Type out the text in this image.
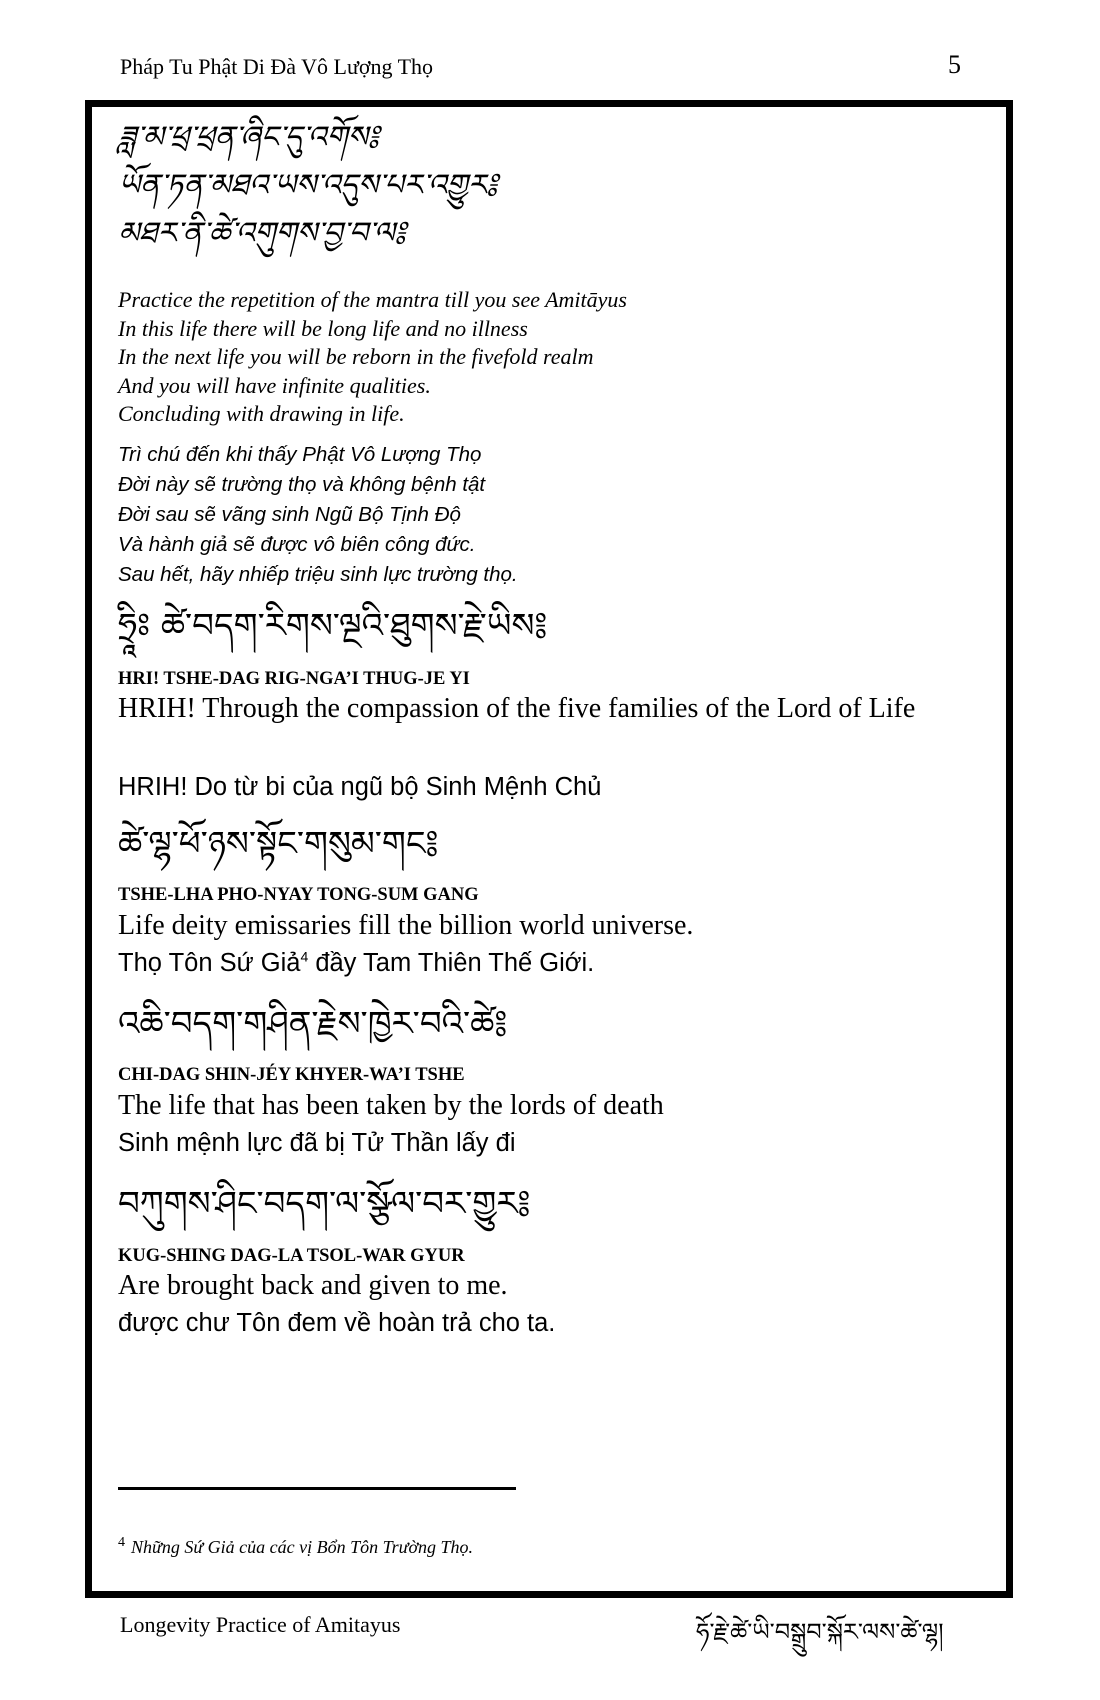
Pháp Tu Phật Di Đà Vô Lượng Thọ	5
ཟླ་མ་ཕྲ་ཕྲན་ཞིང་དུ་འགོས༔
ཡོན་ཏན་མཐའ་ཡས་འདུས་པར་འགྱུར༔
མཐར་ནི་ཚེ་འགུགས་བྱ་བ་ལ༔
Practice the repetition of the mantra till you see Amitāyus
In this life there will be long life and no illness
In the next life you will be reborn in the fivefold realm
And you will have infinite qualities.
Concluding with drawing in life.
Trì chú đến khi thấy Phật Vô Lượng Thọ
Đời này sẽ trường thọ và không bệnh tật
Đời sau sẽ vãng sinh Ngũ Bộ Tịnh Độ
Và hành giả sẽ được vô biên công đức.
Sau hết, hãy nhiếp triệu sinh lực trường thọ.
ཧྲཱིཿ ཚེ་བདག་རིགས་ལྔའི་ཐུགས་རྗེ་ཡིས༔
HRI! TSHE-DAG RIG-NGA’I THUG-JE YI
HRIH! Through the compassion of the five families of the Lord of Life
HRIH! Do từ bi của ngũ bộ Sinh Mệnh Chủ
ཚེ་ལྷ་ཕོ་ཉས་སྟོང་གསུམ་གང༔
TSHE-LHA PHO-NYAY TONG-SUM GANG
Life deity emissaries fill the billion world universe.
Thọ Tôn Sứ Giả$^4$ đầy Tam Thiên Thế Giới.
འཆི་བདག་གཤིན་རྗེས་ཁྱེར་བའི་ཚེ༔
CHI-DAG SHIN-JÉY KHYER-WA’I TSHE
The life that has been taken by the lords of death
Sinh mệnh lực đã bị Tử Thần lấy đi
བཀུགས་ཤིང་བདག་ལ་སྩོལ་བར་གྱུར༔
KUG-SHING DAG-LA TSOL-WAR GYUR
Are brought back and given to me.
được chư Tôn đem về hoàn trả cho ta.
$^4$ Những Sứ Giả của các vị Bổn Tôn Trường Thọ.
Longevity Practice of Amitayus	ཧོ་རྗེ་ཚེ་ཡི་བསྒྲུབ་སྐོར་ལས་ཚེ་ལྷ།
